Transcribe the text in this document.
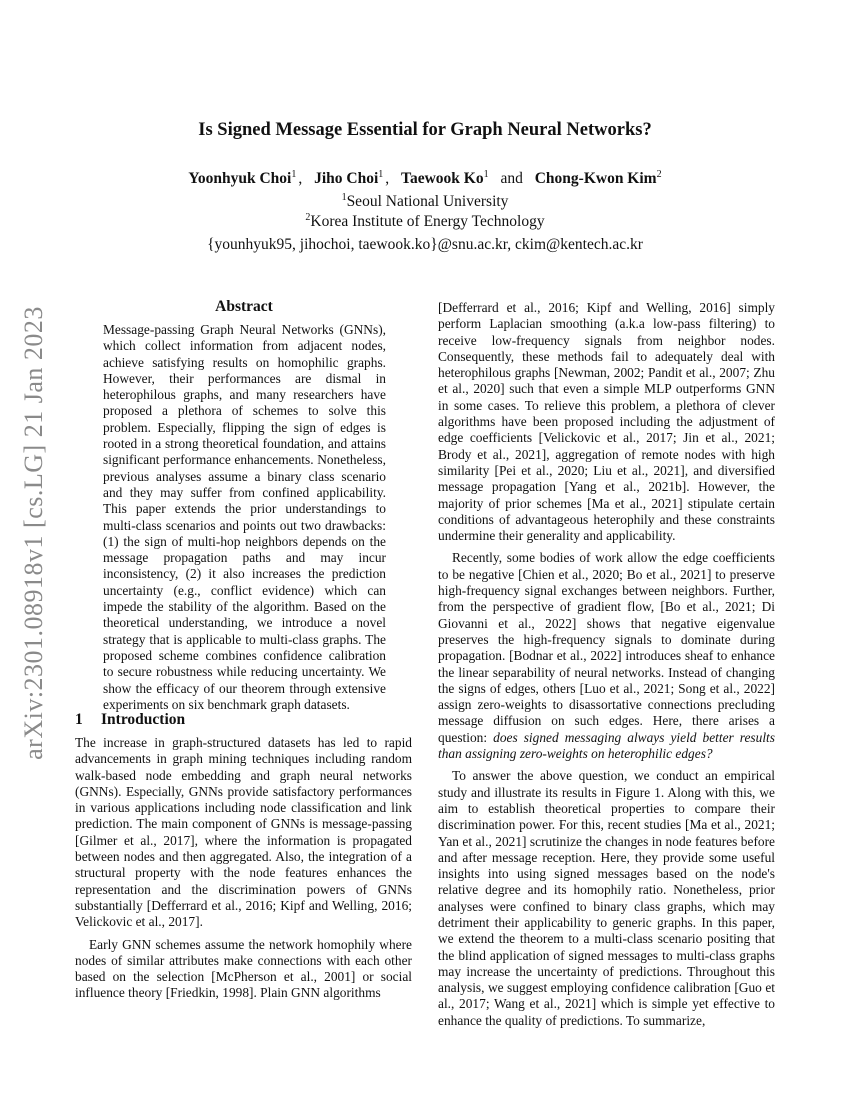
arXiv:2301.08918v1 [cs.LG] 21 Jan 2023
Is Signed Message Essential for Graph Neural Networks?
Yoonhyuk Choi$^1$ , Jiho Choi$^1$ , Taewook Ko$^1$ and Chong-Kwon Kim$^2$
$^1$Seoul National University
$^2$Korea Institute of Energy Technology
{younhyuk95, jihochoi, taewook.ko}@snu.ac.kr, ckim@kentech.ac.kr
Abstract

Message-passing Graph Neural Networks (GNNs), which collect information from adjacent nodes, achieve satisfying results on homophilic graphs. However, their performances are dismal in heterophilous graphs, and many researchers have proposed a plethora of schemes to solve this problem. Especially, flipping the sign of edges is rooted in a strong theoretical foundation, and attains significant performance enhancements. Nonetheless, previous analyses assume a binary class scenario and they may suffer from confined applicability. This paper extends the prior understandings to multi-class scenarios and points out two drawbacks: (1) the sign of multi-hop neighbors depends on the message propagation paths and may incur inconsistency, (2) it also increases the prediction uncertainty (e.g., conflict evidence) which can impede the stability of the algorithm. Based on the theoretical understanding, we introduce a novel strategy that is applicable to multi-class graphs. The proposed scheme combines confidence calibration to secure robustness while reducing uncertainty. We show the efficacy of our theorem through extensive experiments on six benchmark graph datasets.

1 Introduction

The increase in graph-structured datasets has led to rapid advancements in graph mining techniques including random walk-based node embedding and graph neural networks (GNNs). Especially, GNNs provide satisfactory performances in various applications including node classification and link prediction. The main component of GNNs is message-passing [Gilmer et al., 2017], where the information is propagated between nodes and then aggregated. Also, the integration of a structural property with the node features enhances the representation and the discrimination powers of GNNs substantially [Defferrard et al., 2016; Kipf and Welling, 2016; Velickovic et al., 2017].

Early GNN schemes assume the network homophily where nodes of similar attributes make connections with each other based on the selection [McPherson et al., 2001] or social influence theory [Friedkin, 1998]. Plain GNN algorithms

[Defferrard et al., 2016; Kipf and Welling, 2016] simply perform Laplacian smoothing (a.k.a low-pass filtering) to receive low-frequency signals from neighbor nodes. Consequently, these methods fail to adequately deal with heterophilous graphs [Newman, 2002; Pandit et al., 2007; Zhu et al., 2020] such that even a simple MLP outperforms GNN in some cases. To relieve this problem, a plethora of clever algorithms have been proposed including the adjustment of edge coefficients [Velickovic et al., 2017; Jin et al., 2021; Brody et al., 2021], aggregation of remote nodes with high similarity [Pei et al., 2020; Liu et al., 2021], and diversified message propagation [Yang et al., 2021b]. However, the majority of prior schemes [Ma et al., 2021] stipulate certain conditions of advantageous heterophily and these constraints undermine their generality and applicability.

Recently, some bodies of work allow the edge coefficients to be negative [Chien et al., 2020; Bo et al., 2021] to preserve high-frequency signal exchanges between neighbors. Further, from the perspective of gradient flow, [Bo et al., 2021; Di Giovanni et al., 2022] shows that negative eigenvalue preserves the high-frequency signals to dominate during propagation. [Bodnar et al., 2022] introduces sheaf to enhance the linear separability of neural networks. Instead of changing the signs of edges, others [Luo et al., 2021; Song et al., 2022] assign zero-weights to disassortative connections precluding message diffusion on such edges. Here, there arises a question: does signed messaging always yield better results than assigning zero-weights on heterophilic edges?

To answer the above question, we conduct an empirical study and illustrate its results in Figure 1. Along with this, we aim to establish theoretical properties to compare their discrimination power. For this, recent studies [Ma et al., 2021; Yan et al., 2021] scrutinize the changes in node features before and after message reception. Here, they provide some useful insights into using signed messages based on the node's relative degree and its homophily ratio. Nonetheless, prior analyses were confined to binary class graphs, which may detriment their applicability to generic graphs. In this paper, we extend the theorem to a multi-class scenario positing that the blind application of signed messages to multi-class graphs may increase the uncertainty of predictions. Throughout this analysis, we suggest employing confidence calibration [Guo et al., 2017; Wang et al., 2021] which is simple yet effective to enhance the quality of predictions. To summarize,
